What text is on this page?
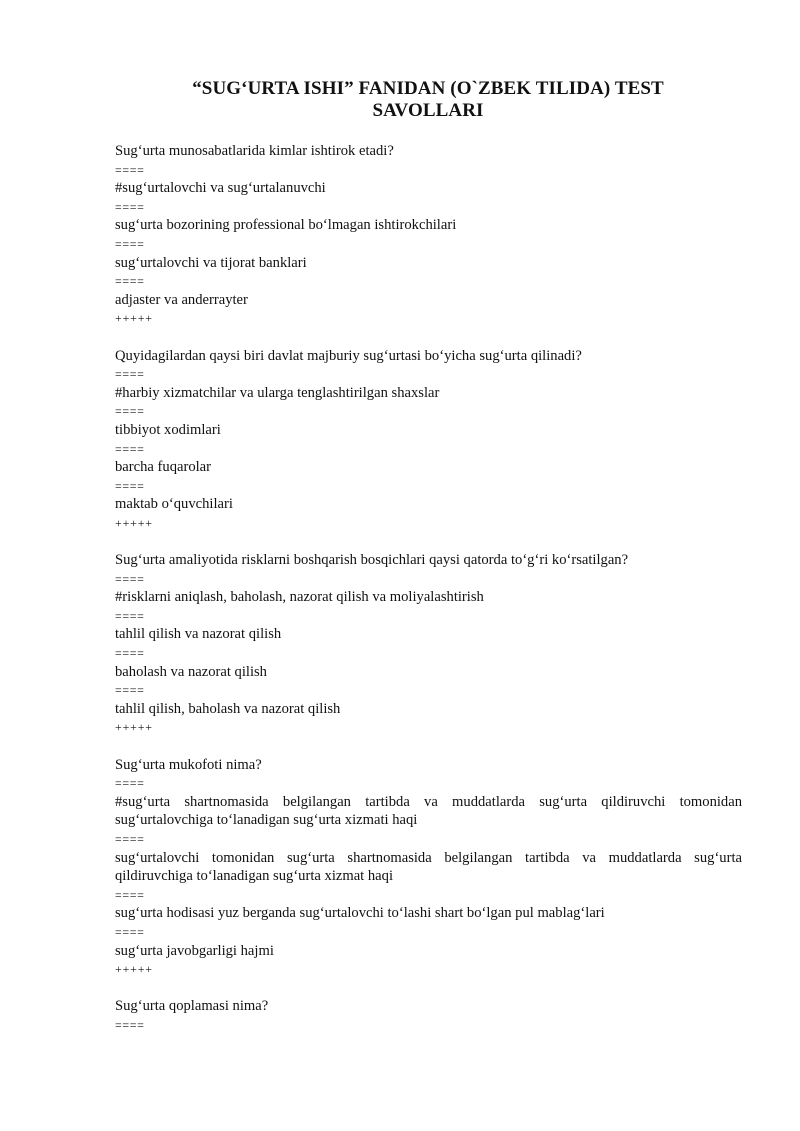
“SUG‘URTA ISHI” FANIDAN (O`ZBEK TILIDA) TEST
SAVOLLARI
Sug‘urta munosabatlarida kimlar ishtirok etadi?
====
#sug‘urtalovchi va sug‘urtalanuvchi
====
sug‘urta bozorining professional bo‘lmagan ishtirokchilari
====
sug‘urtalovchi va tijorat banklari
====
adjaster va anderrayter
+++++
Quyidagilardan qaysi biri davlat majburiy sug‘urtasi bo‘yicha sug‘urta qilinadi?
====
#harbiy xizmatchilar va ularga tenglashtirilgan shaxslar
====
tibbiyot xodimlari
====
barcha fuqarolar
====
maktab o‘quvchilari
+++++
Sug‘urta amaliyotida risklarni boshqarish bosqichlari qaysi qatorda to‘g‘ri ko‘rsatilgan?
====
#risklarni aniqlash, baholash, nazorat qilish va moliyalashtirish
====
tahlil qilish va nazorat qilish
====
baholash va nazorat qilish
====
tahlil qilish, baholash va nazorat qilish
+++++
Sug‘urta mukofoti nima?
====
#sug‘urta shartnomasida belgilangan tartibda va muddatlarda sug‘urta qildiruvchi tomonidan sug‘urtalovchiga to‘lanadigan sug‘urta xizmati haqi
====
sug‘urtalovchi tomonidan sug‘urta shartnomasida belgilangan tartibda va muddatlarda sug‘urta qildiruvchiga to‘lanadigan sug‘urta xizmat haqi
====
sug‘urta hodisasi yuz berganda sug‘urtalovchi to‘lashi shart bo‘lgan pul mablag‘lari
====
sug‘urta javobgarligi hajmi
+++++
Sug‘urta qoplamasi nima?
====
